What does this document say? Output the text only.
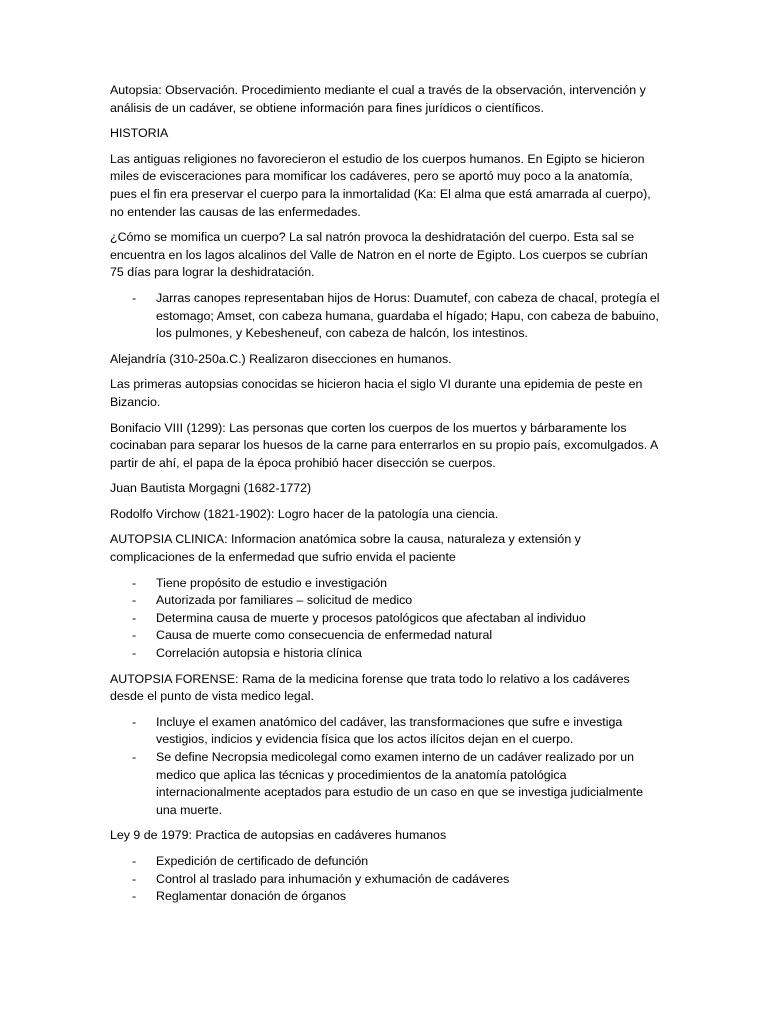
Autopsia: Observación. Procedimiento mediante el cual a través de la observación, intervención y análisis de un cadáver, se obtiene información para fines jurídicos o científicos.

HISTORIA

Las antiguas religiones no favorecieron el estudio de los cuerpos humanos. En Egipto se hicieron miles de evisceraciones para momificar los cadáveres, pero se aportó muy poco a la anatomía, pues el fin era preservar el cuerpo para la inmortalidad (Ka: El alma que está amarrada al cuerpo), no entender las causas de las enfermedades.

¿Cómo se momifica un cuerpo? La sal natrón provoca la deshidratación del cuerpo. Esta sal se encuentra en los lagos alcalinos del Valle de Natron en el norte de Egipto. Los cuerpos se cubrían 75 días para lograr la deshidratación.

- Jarras canopes representaban hijos de Horus: Duamutef, con cabeza de chacal, protegía el estomago; Amset, con cabeza humana, guardaba el hígado; Hapu, con cabeza de babuino, los pulmones, y Kebesheneuf, con cabeza de halcón, los intestinos.

Alejandría (310-250a.C.) Realizaron disecciones en humanos.

Las primeras autopsias conocidas se hicieron hacia el siglo VI durante una epidemia de peste en Bizancio.

Bonifacio VIII (1299): Las personas que corten los cuerpos de los muertos y bárbaramente los cocinaban para separar los huesos de la carne para enterrarlos en su propio país, excomulgados. A partir de ahí, el papa de la época prohibió hacer disección se cuerpos.

Juan Bautista Morgagni (1682-1772)

Rodolfo Virchow (1821-1902): Logro hacer de la patología una ciencia.

AUTOPSIA CLINICA: Informacion anatómica sobre la causa, naturaleza y extensión y complicaciones de la enfermedad que sufrio envida el paciente

- Tiene propósito de estudio e investigación
- Autorizada por familiares – solicitud de medico
- Determina causa de muerte y procesos patológicos que afectaban al individuo
- Causa de muerte como consecuencia de enfermedad natural
- Correlación autopsia e historia clínica

AUTOPSIA FORENSE: Rama de la medicina forense que trata todo lo relativo a los cadáveres desde el punto de vista medico legal.

- Incluye el examen anatómico del cadáver, las transformaciones que sufre e investiga vestigios, indicios y evidencia física que los actos ilícitos dejan en el cuerpo.
- Se define Necropsia medicolegal como examen interno de un cadáver realizado por un medico que aplica las técnicas y procedimientos de la anatomía patológica internacionalmente aceptados para estudio de un caso en que se investiga judicialmente una muerte.

Ley 9 de 1979: Practica de autopsias en cadáveres humanos

- Expedición de certificado de defunción
- Control al traslado para inhumación y exhumación de cadáveres
- Reglamentar donación de órganos
